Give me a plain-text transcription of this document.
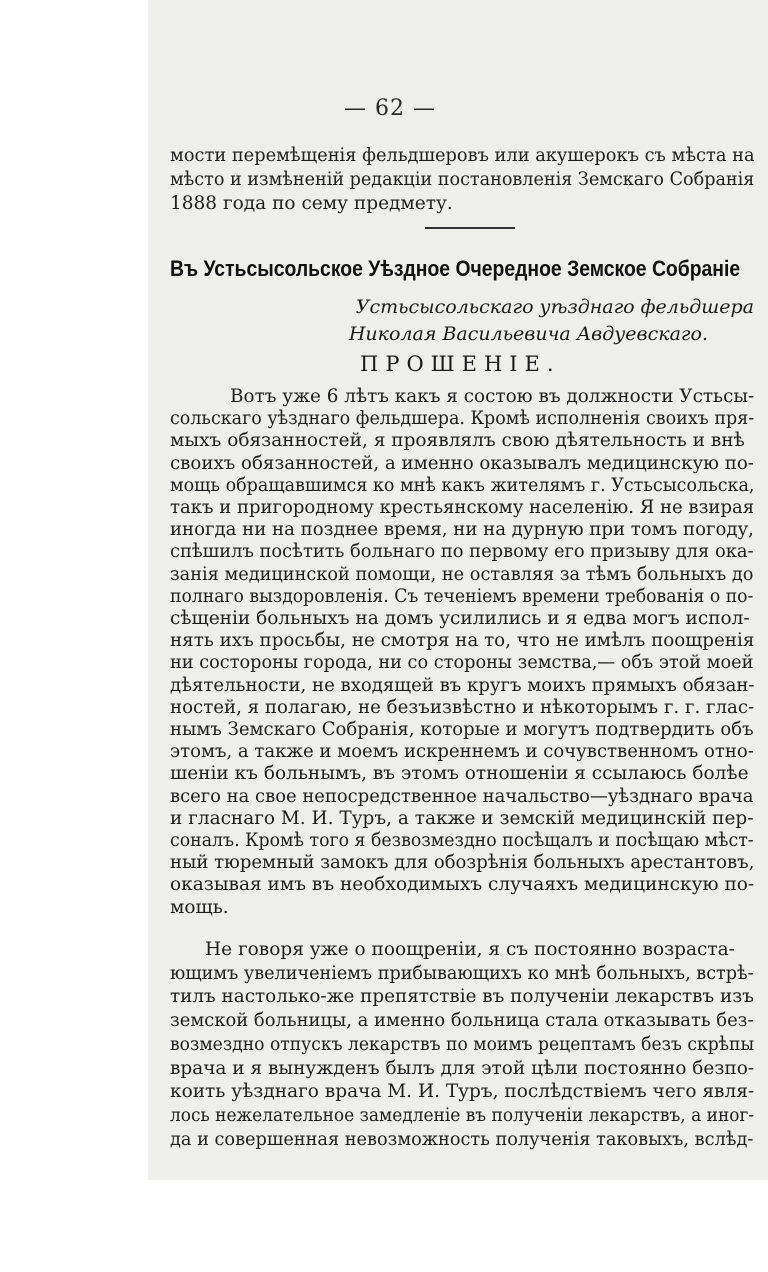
— 62 —
мости перемѣщенія фельдшеровъ или акушерокъ съ мѣста на
мѣсто и измѣненій редакціи постановленія Земскаго Собранія
1888 года по сему предмету.
Въ Устьсысольское Уѣздное Очередное Земское Собраніе
Устьсысольскаго уѣзднаго фельдшера
Николая Васильевича Авдуевскаго.
ПРОШЕНІЕ.
Вотъ уже 6 лѣтъ какъ я состою въ должности Устьсы-
сольскаго уѣзднаго фельдшера. Кромѣ исполненія своихъ пря-
мыхъ обязанностей, я проявлялъ свою дѣятельность и внѣ
своихъ обязанностей, а именно оказывалъ медицинскую по-
мощь обращавшимся ко мнѣ какъ жителямъ г. Устьсысольска,
такъ и пригородному крестьянскому населенію. Я не взирая
иногда ни на позднее время, ни на дурную при томъ погоду,
спѣшилъ посѣтить больнаго по первому его призыву для ока-
занія медицинской помощи, не оставляя за тѣмъ больныхъ до
полнаго выздоровленія. Съ теченіемъ времени требованія о по-
сѣщеніи больныхъ на домъ усилились и я едва могъ испол-
нять ихъ просьбы, не смотря на то, что не имѣлъ поощренія
ни состороны города, ни со стороны земства,— объ этой моей
дѣятельности, не входящей въ кругъ моихъ прямыхъ обязан-
ностей, я полагаю, не безъизвѣстно и нѣкоторымъ г. г. глас-
нымъ Земскаго Собранія, которые и могутъ подтвердить объ
этомъ, а также и моемъ искреннемъ и сочувственномъ отно-
шеніи къ больнымъ, въ этомъ отношеніи я ссылаюсь болѣе
всего на свое непосредственное начальство—уѣзднаго врача
и гласнаго М. И. Туръ, а также и земскій медицинскій пер-
соналъ. Кромѣ того я безвозмездно посѣщалъ и посѣщаю мѣст-
ный тюремный замокъ для обозрѣнія больныхъ арестантовъ,
оказывая имъ въ необходимыхъ случаяхъ медицинскую по-
мощь.
Не говоря уже о поощреніи, я съ постоянно возраста-
ющимъ увеличеніемъ прибывающихъ ко мнѣ больныхъ, встрѣ-
тилъ настолько-же препятствіе въ полученіи лекарствъ изъ
земской больницы, а именно больница стала отказывать без-
возмездно отпускъ лекарствъ по моимъ рецептамъ безъ скрѣпы
врача и я вынужденъ былъ для этой цѣли постоянно безпо-
коить уѣзднаго врача М. И. Туръ, послѣдствіемъ чего явля-
лось нежелательное замедленіе въ полученіи лекарствъ, а иног-
да и совершенная невозможность полученія таковыхъ, вслѣд-
